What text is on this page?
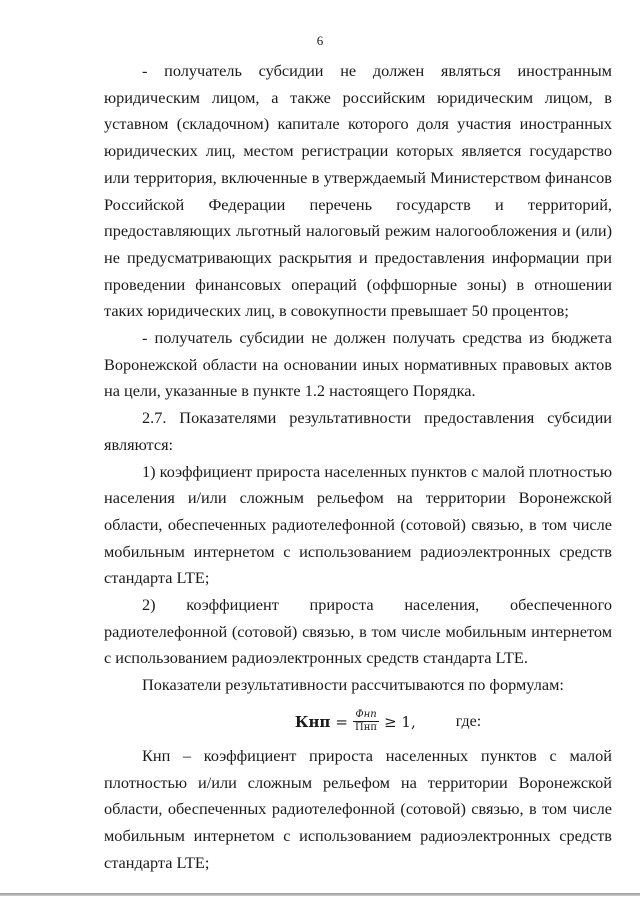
6

- получатель субсидии не должен являться иностранным юридическим лицом, а также российским юридическим лицом, в уставном (складочном) капитале которого доля участия иностранных юридических лиц, местом регистрации которых является государство или территория, включенные в утверждаемый Министерством финансов Российской Федерации перечень государств и территорий, предоставляющих льготный налоговый режим налогообложения и (или) не предусматривающих раскрытия и предоставления информации при проведении финансовых операций (оффшорные зоны) в отношении таких юридических лиц, в совокупности превышает 50 процентов;

- получатель субсидии не должен получать средства из бюджета Воронежской области на основании иных нормативных правовых актов на цели, указанные в пункте 1.2 настоящего Порядка.

2.7. Показателями результативности предоставления субсидии являются:

1) коэффициент прироста населенных пунктов с малой плотностью населения и/или сложным рельефом на территории Воронежской области, обеспеченных радиотелефонной (сотовой) связью, в том числе мобильным интернетом с использованием радиоэлектронных средств стандарта LTE;

2) коэффициент прироста населения, обеспеченного радиотелефонной (сотовой) связью, в том числе мобильным интернетом с использованием радиоэлектронных средств стандарта LTE.

Показатели результативности рассчитываются по формулам:

Кнп = $\frac{\text{Фнп}}{\text{Пнп}} \ge 1$,	где:

Кнп – коэффициент прироста населенных пунктов с малой плотностью и/или сложным рельефом на территории Воронежской области, обеспеченных радиотелефонной (сотовой) связью, в том числе мобильным интернетом с использованием радиоэлектронных средств стандарта LTE;
